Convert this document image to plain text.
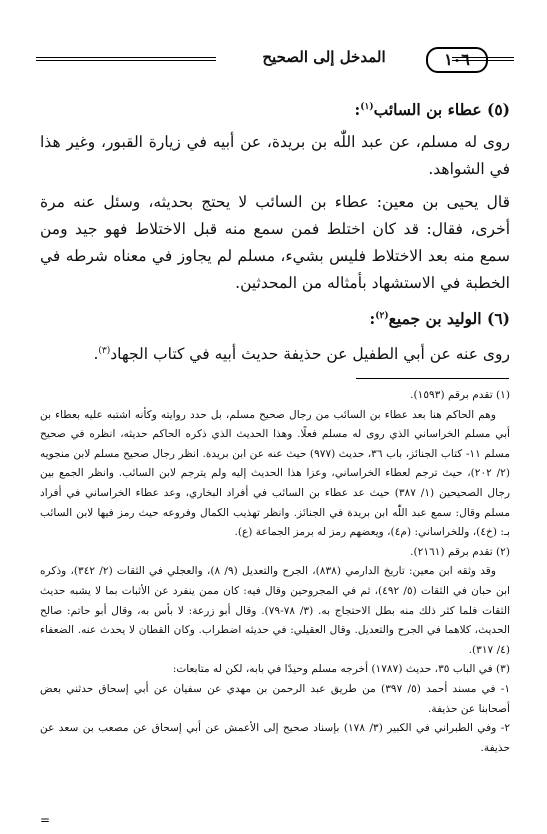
المدخل إلى الصحيح	١٠٦

(٥) عطاء بن السائب$^{(١)}$:

روى له مسلم، عن عبد اللّٰه بن بريدة، عن أبيه في زيارة القبور، وغير هذا في الشواهد.

قال يحيى بن معين: عطاء بن السائب لا يحتج بحديثه، وسئل عنه مرة أخرى، فقال: قد كان اختلط فمن سمع منه قبل الاختلاط فهو جيد ومن سمع منه بعد الاختلاط فليس بشيء، مسلم لم يجاوز في معناه شرطه في الخطبة في الاستشهاد بأمثاله من المحدثين.

(٦) الوليد بن جميع$^{(٢)}$:

روى عنه عن أبي الطفيل عن حذيفة حديث أبيه في كتاب الجهاد$^{(٣)}$.

(١) تقدم برقم (١٥٩٣).

وهم الحاكم هنا بعد عطاء بن السائب من رجال صحيح مسلم، بل حدد روايته وكأنه اشتبه عليه بعطاء بن أبي مسلم الخراساني الذي روى له مسلم فعلًا. وهذا الحديث الذي ذكره الحاكم حديثه، انظره في صحيح مسلم ١١- كتاب الجنائز، باب ٣٦، حديث (٩٧٧) حيث عنه عن ابن بريدة. انظر رجال صحيح مسلم لابن منجويه (٢/ ٢٠٢)، حيث ترجم لعطاء الخراساني، وعزا هذا الحديث إليه ولم يترجم لابن السائب. وانظر الجمع بين رجال الصحيحين (١/ ٣٨٧) حيث عد عطاء بن السائب في أفراد البخاري، وعد عطاء الخراساني في أفراد مسلم وقال: سمع عبد اللّٰه ابن بريدة في الجنائز. وانظر تهذيب الكمال وفروعه حيث رمز فيها لابن السائب بـ: (خ٤)، وللخراساني: (م٤)، ويعضهم رمز له برمز الجماعة (ع).

(٢) تقدم برقم (٢١٦١).

وقد وثقه ابن معين: تاريخ الدارمي (٨٣٨)، الجرح والتعديل (٩/ ٨)، والعجلي في الثقات (٢/ ٣٤٢)، وذكره ابن حبان في الثقات (٥/ ٤٩٢)، ثم في المجروحين وقال فيه: كان ممن ينفرد عن الأثبات بما لا يشبه حديث الثقات فلما كثر ذلك منه بطل الاحتجاج به. (٣/ ٧٨-٧٩). وقال أبو زرعة: لا بأس به، وقال أبو حاتم: صالح الحديث، كلاهما في الجرح والتعديل. وقال العقيلي: في حديثه اضطراب. وكان القطان لا يحدث عنه. الضعفاء (٤/ ٣١٧).

(٣) في الباب ٣٥، حديث (١٧٨٧) أخرجه مسلم وحيدًا في بابه، لكن له متابعات:

١- في مسند أحمد (٥/ ٣٩٧) من طريق عبد الرحمن بن مهدي عن سفيان عن أبي إسحاق حدثني بعض أصحابنا عن حذيفة.

٢- وفي الطبراني في الكبير (٣/ ١٧٨) بإسناد صحيح إلى الأعمش عن أبي إسحاق عن مصعب بن سعد عن حذيفة.

=
